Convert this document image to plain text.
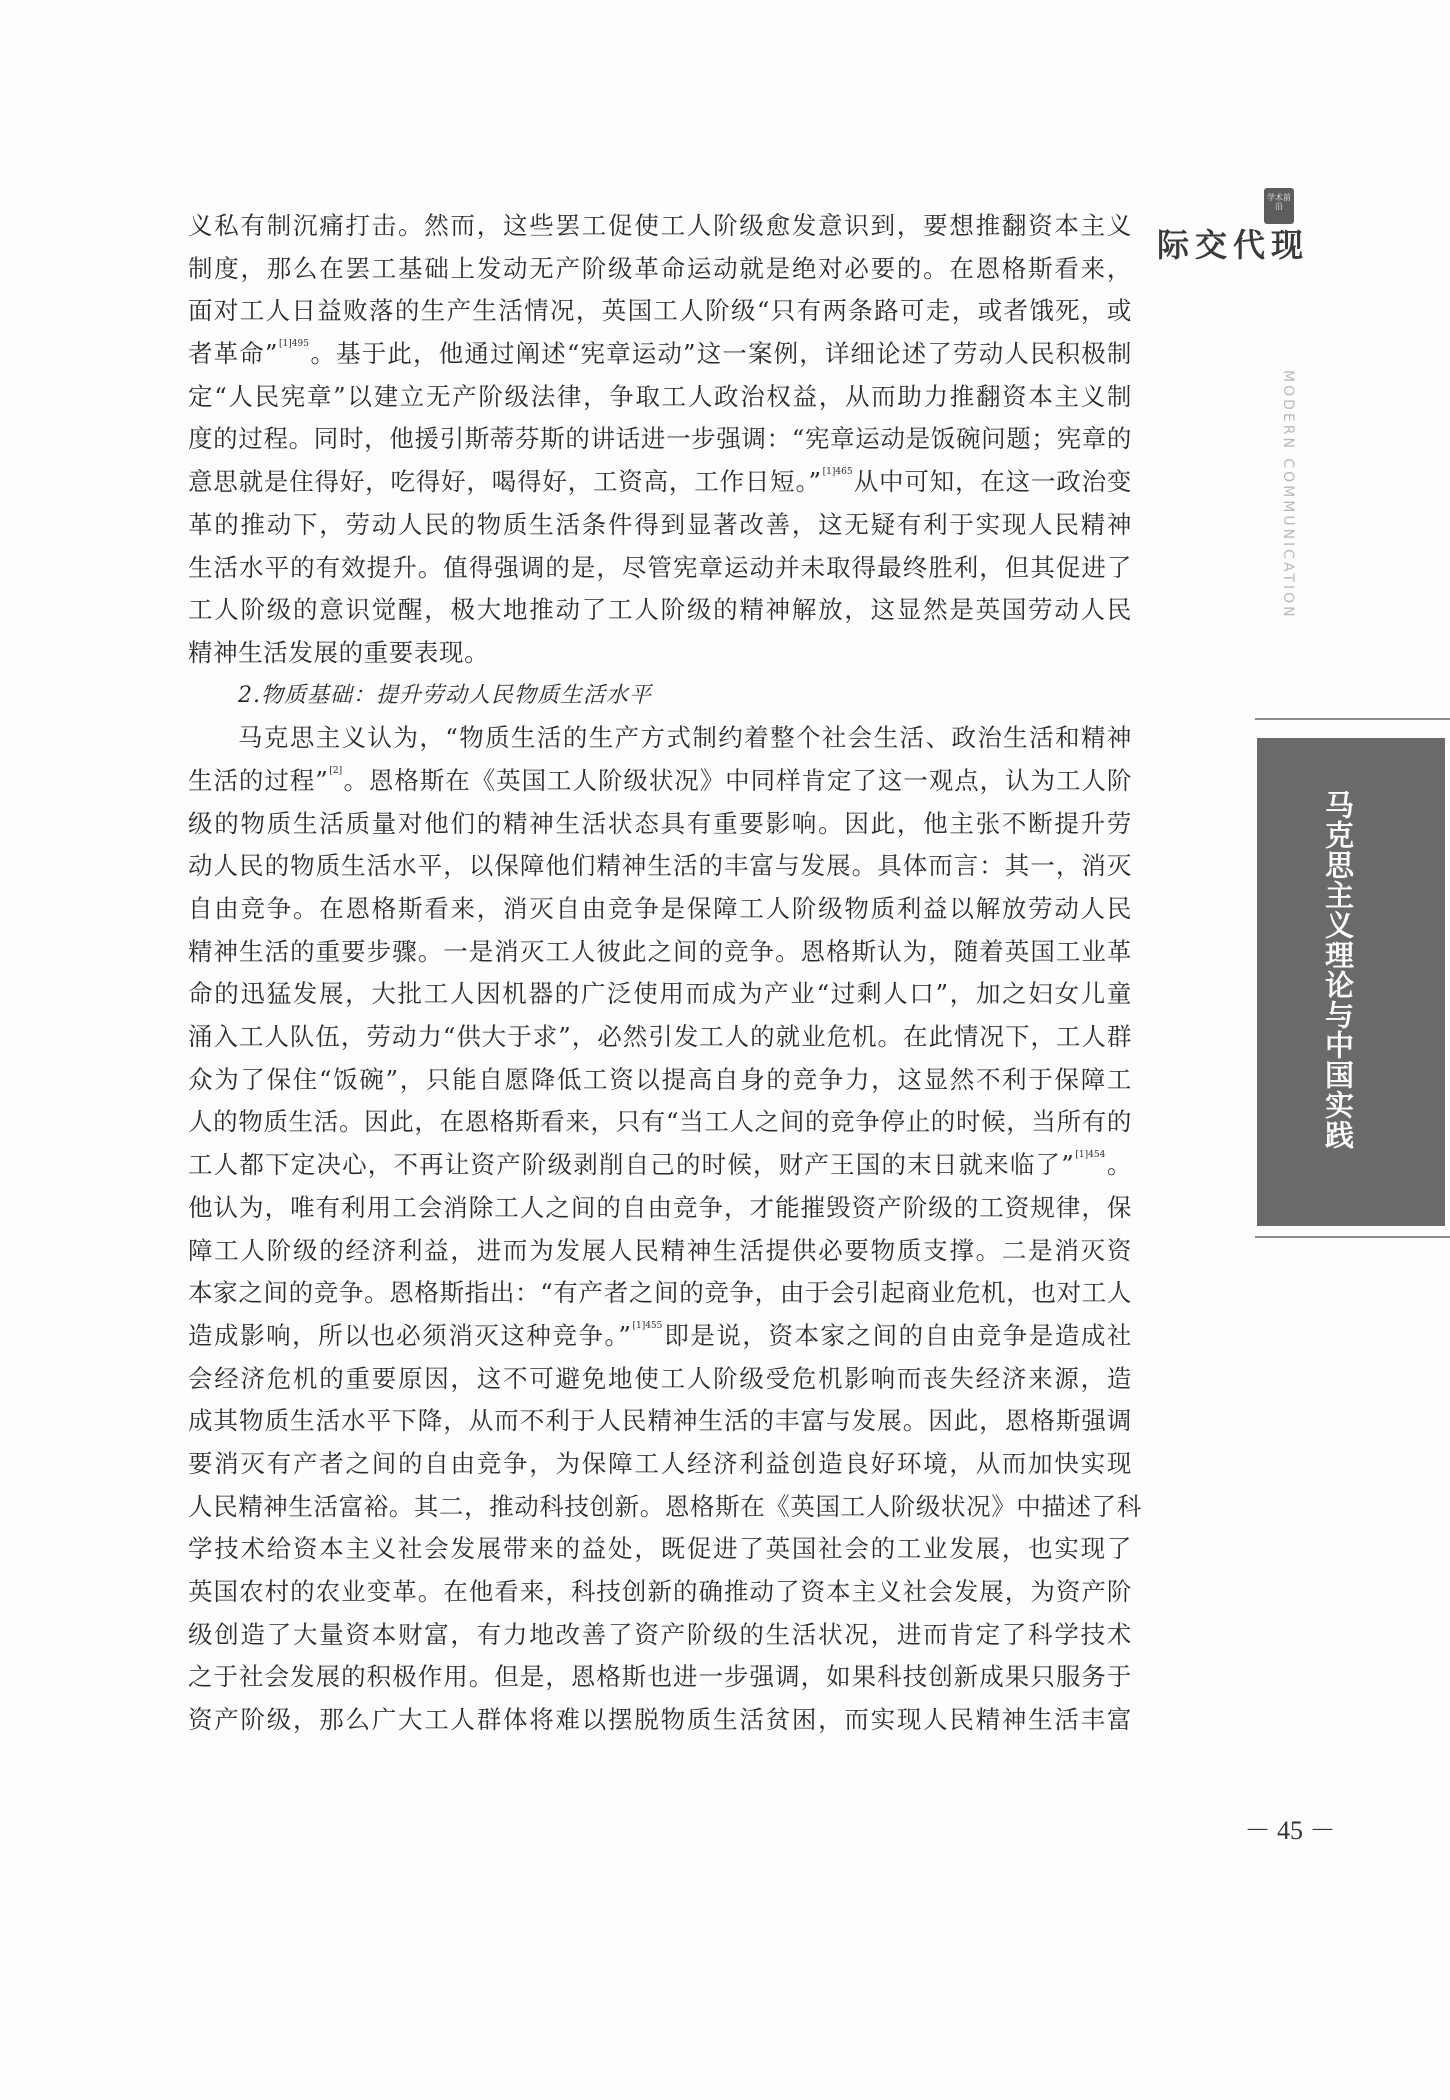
学术前沿
现代交际
MODERN COMMUNICATION
马克思主义理论与中国实践
义私有制沉痛打击。然而，这些罢工促使工人阶级愈发意识到，要想推翻资本主义
制度，那么在罢工基础上发动无产阶级革命运动就是绝对必要的。在恩格斯看来，
面对工人日益败落的生产生活情况，英国工人阶级“只有两条路可走，或者饿死，或
者革命”$^{[1]495}$。基于此，他通过阐述“宪章运动”这一案例，详细论述了劳动人民积极制
定“人民宪章”以建立无产阶级法律，争取工人政治权益，从而助力推翻资本主义制
度的过程。同时，他援引斯蒂芬斯的讲话进一步强调：“宪章运动是饭碗问题；宪章的
意思就是住得好，吃得好，喝得好，工资高，工作日短。”$^{[1]465}$从中可知，在这一政治变
革的推动下，劳动人民的物质生活条件得到显著改善，这无疑有利于实现人民精神
生活水平的有效提升。值得强调的是，尽管宪章运动并未取得最终胜利，但其促进了
工人阶级的意识觉醒，极大地推动了工人阶级的精神解放，这显然是英国劳动人民
精神生活发展的重要表现。
2.物质基础：提升劳动人民物质生活水平
马克思主义认为，“物质生活的生产方式制约着整个社会生活、政治生活和精神
生活的过程”[2]。恩格斯在《英国工人阶级状况》中同样肯定了这一观点，认为工人阶
级的物质生活质量对他们的精神生活状态具有重要影响。因此，他主张不断提升劳
动人民的物质生活水平，以保障他们精神生活的丰富与发展。具体而言：其一，消灭
自由竞争。在恩格斯看来，消灭自由竞争是保障工人阶级物质利益以解放劳动人民
精神生活的重要步骤。一是消灭工人彼此之间的竞争。恩格斯认为，随着英国工业革
命的迅猛发展，大批工人因机器的广泛使用而成为产业“过剩人口”，加之妇女儿童
涌入工人队伍，劳动力“供大于求”，必然引发工人的就业危机。在此情况下，工人群
众为了保住“饭碗”，只能自愿降低工资以提高自身的竞争力，这显然不利于保障工
人的物质生活。因此，在恩格斯看来，只有“当工人之间的竞争停止的时候，当所有的
工人都下定决心，不再让资产阶级剥削自己的时候，财产王国的末日就来临了”$^{[1]454}$。
他认为，唯有利用工会消除工人之间的自由竞争，才能摧毁资产阶级的工资规律，保
障工人阶级的经济利益，进而为发展人民精神生活提供必要物质支撑。二是消灭资
本家之间的竞争。恩格斯指出：“有产者之间的竞争，由于会引起商业危机，也对工人
造成影响，所以也必须消灭这种竞争。”$^{[1]455}$即是说，资本家之间的自由竞争是造成社
会经济危机的重要原因，这不可避免地使工人阶级受危机影响而丧失经济来源，造
成其物质生活水平下降，从而不利于人民精神生活的丰富与发展。因此，恩格斯强调
要消灭有产者之间的自由竞争，为保障工人经济利益创造良好环境，从而加快实现
人民精神生活富裕。其二，推动科技创新。恩格斯在《英国工人阶级状况》中描述了科
学技术给资本主义社会发展带来的益处，既促进了英国社会的工业发展，也实现了
英国农村的农业变革。在他看来，科技创新的确推动了资本主义社会发展，为资产阶
级创造了大量资本财富，有力地改善了资产阶级的生活状况，进而肯定了科学技术
之于社会发展的积极作用。但是，恩格斯也进一步强调，如果科技创新成果只服务于
资产阶级，那么广大工人群体将难以摆脱物质生活贫困，而实现人民精神生活丰富
－ 45 －
